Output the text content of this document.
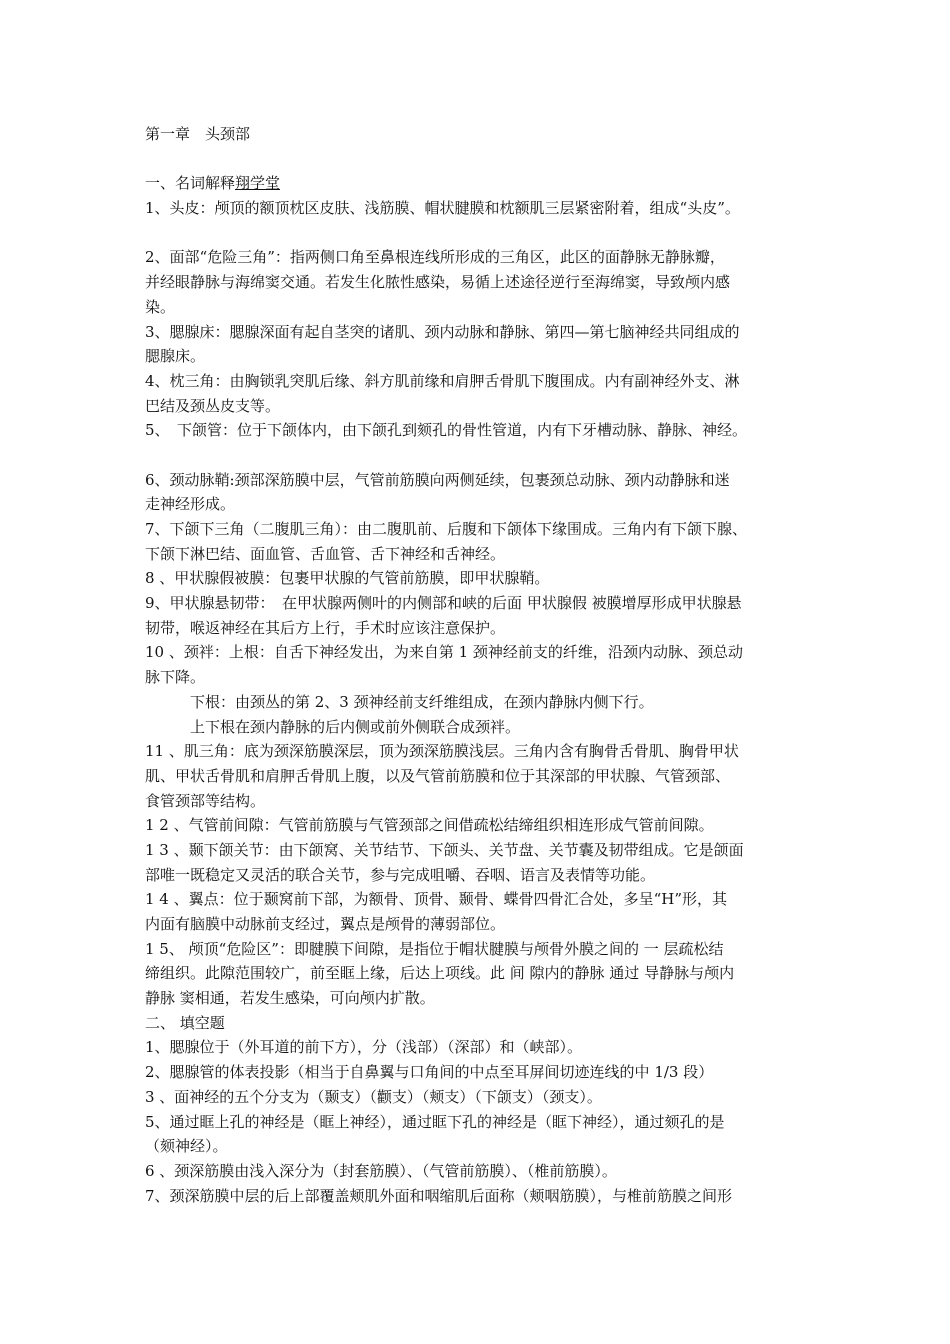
第一章　头颈部
一、名词解释翔学堂
1、头皮：颅顶的额顶枕区皮肤、浅筋膜、帽状腱膜和枕额肌三层紧密附着，组成“头皮”。
2、面部“危险三角”：指两侧口角至鼻根连线所形成的三角区，此区的面静脉无静脉瓣，
并经眼静脉与海绵窦交通。若发生化脓性感染，易循上述途径逆行至海绵窦，导致颅内感
染。
3、腮腺床：腮腺深面有起自茎突的诸肌、颈内动脉和静脉、第四—第七脑神经共同组成的
腮腺床。
4、枕三角：由胸锁乳突肌后缘、斜方肌前缘和肩胛舌骨肌下腹围成。内有副神经外支、淋
巴结及颈丛皮支等。
5、　下颌管：位于下颌体内，由下颌孔到颏孔的骨性管道，内有下牙槽动脉、静脉、神经。
6、颈动脉鞘:颈部深筋膜中层，气管前筋膜向两侧延续，包裹颈总动脉、颈内动静脉和迷
走神经形成。
7、下颌下三角（二腹肌三角）：由二腹肌前、后腹和下颌体下缘围成。三角内有下颌下腺、
下颌下淋巴结、面血管、舌血管、舌下神经和舌神经。
8 、甲状腺假被膜：包裹甲状腺的气管前筋膜，即甲状腺鞘。
9、甲状腺悬韧带：　在甲状腺两侧叶的内侧部和峡的后面 甲状腺假 被膜增厚形成甲状腺悬
韧带，喉返神经在其后方上行，手术时应该注意保护。
10 、颈袢：上根：自舌下神经发出，为来自第 1 颈神经前支的纤维，沿颈内动脉、颈总动
脉下降。
下根：由颈丛的第 2、3 颈神经前支纤维组成，在颈内静脉内侧下行。
上下根在颈内静脉的后内侧或前外侧联合成颈袢。
11 、肌三角：底为颈深筋膜深层，顶为颈深筋膜浅层。三角内含有胸骨舌骨肌、胸骨甲状
肌、甲状舌骨肌和肩胛舌骨肌上腹，以及气管前筋膜和位于其深部的甲状腺、气管颈部、
食管颈部等结构。
1 2 、气管前间隙：气管前筋膜与气管颈部之间借疏松结缔组织相连形成气管前间隙。
1 3 、颞下颌关节：由下颌窝、关节结节、下颌头、关节盘、关节囊及韧带组成。它是颌面
部唯一既稳定又灵活的联合关节，参与完成咀嚼、吞咽、语言及表情等功能。
1 4 、翼点：位于颞窝前下部，为额骨、顶骨、颞骨、蝶骨四骨汇合处，多呈“H”形，其
内面有脑膜中动脉前支经过，翼点是颅骨的薄弱部位。
1 5、 颅顶“危险区”：即腱膜下间隙，是指位于帽状腱膜与颅骨外膜之间的 一 层疏松结
缔组织。此隙范围较广，前至眶上缘，后达上项线。此 间 隙内的静脉 通过 导静脉与颅内
静脉 窦相通，若发生感染，可向颅内扩散。
二、 填空题
1、腮腺位于（外耳道的前下方），分（浅部）（深部）和（峡部）。
2、腮腺管的体表投影（相当于自鼻翼与口角间的中点至耳屏间切迹连线的中 1/3 段）
3 、面神经的五个分支为（颞支）（颧支）（颊支）（下颌支）（颈支）。
5、通过眶上孔的神经是（眶上神经），通过眶下孔的神经是（眶下神经），通过颏孔的是
（颏神经）。
6 、颈深筋膜由浅入深分为（封套筋膜）、（气管前筋膜）、（椎前筋膜）。
7、颈深筋膜中层的后上部覆盖颊肌外面和咽缩肌后面称（颊咽筋膜），与椎前筋膜之间形
